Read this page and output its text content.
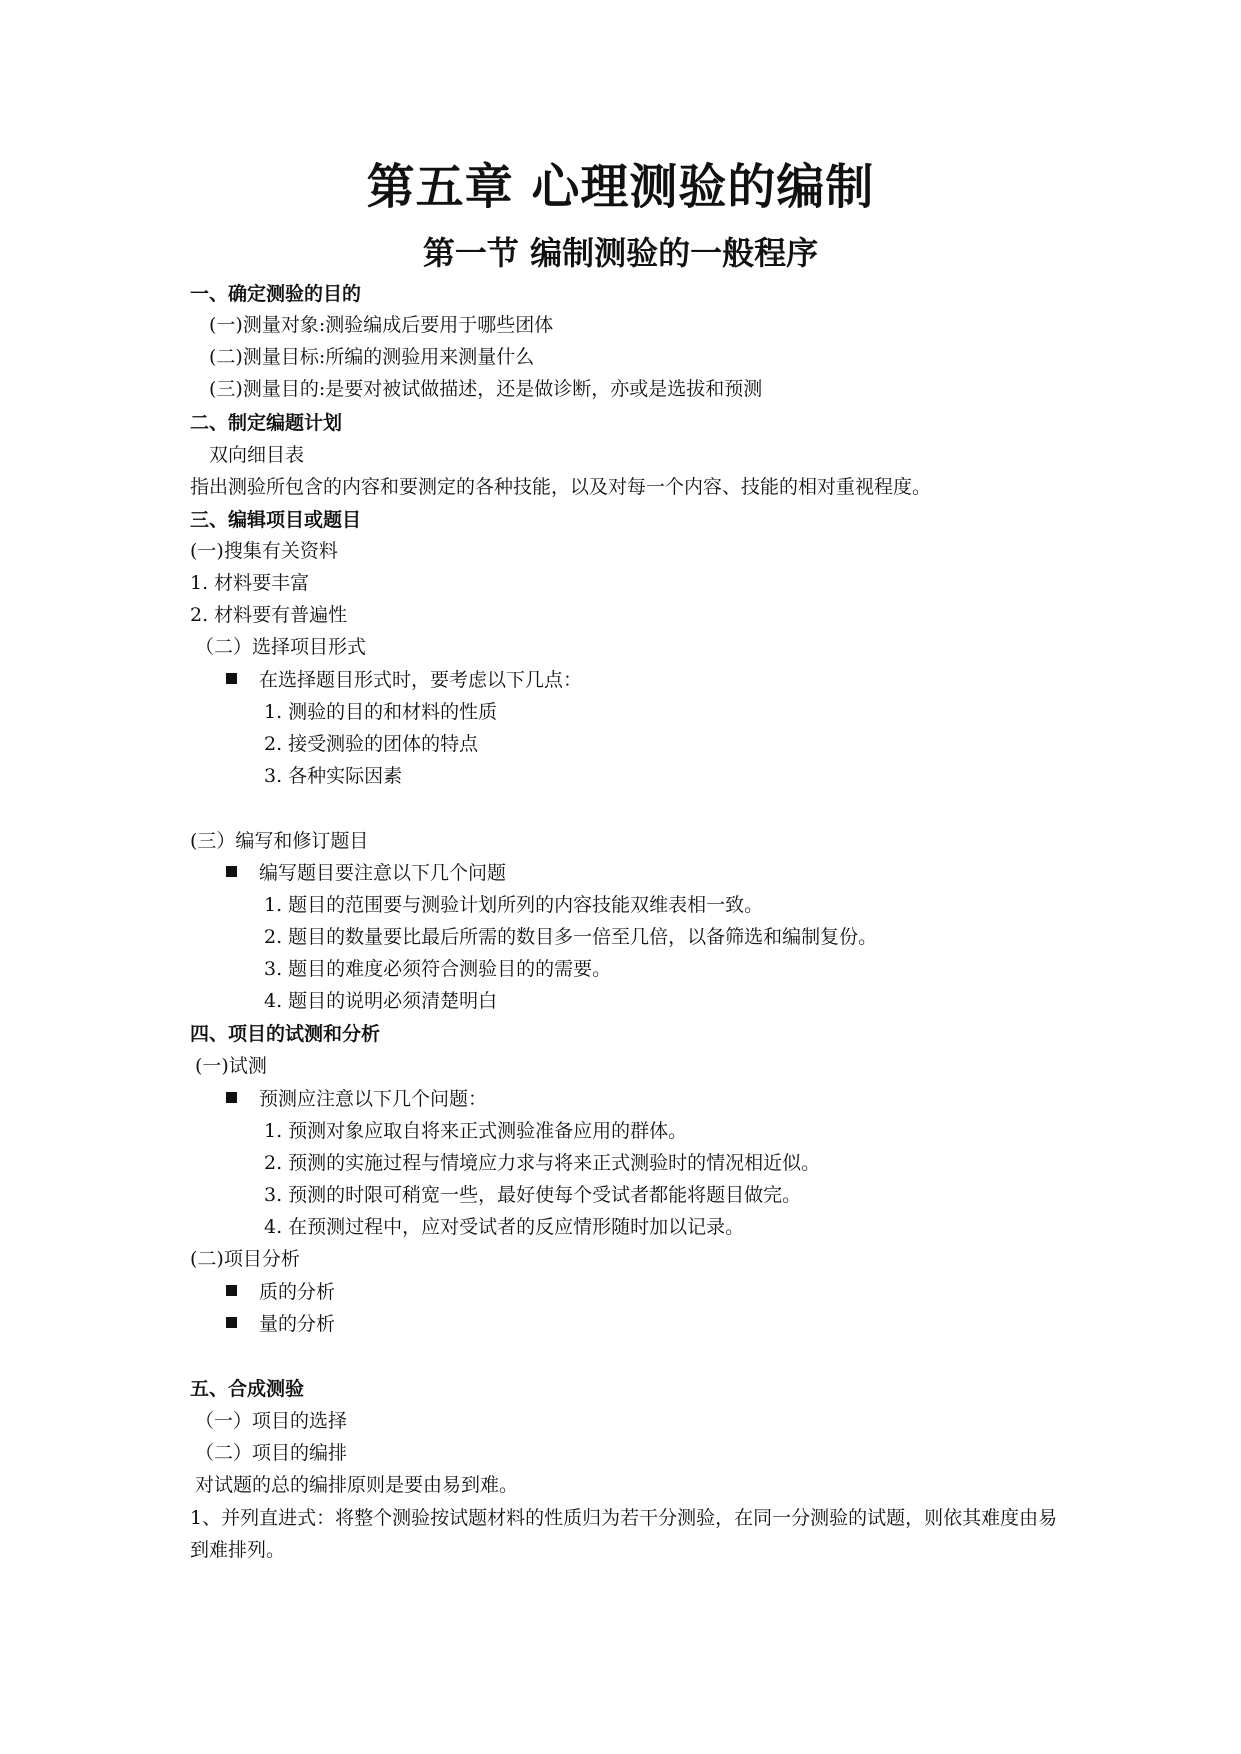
第五章 心理测验的编制
第一节 编制测验的一般程序
一、确定测验的目的
(一)测量对象:测验编成后要用于哪些团体
(二)测量目标:所编的测验用来测量什么
(三)测量目的:是要对被试做描述，还是做诊断，亦或是选拔和预测
二、制定编题计划
双向细目表
指出测验所包含的内容和要测定的各种技能，以及对每一个内容、技能的相对重视程度。
三、编辑项目或题目
(一)搜集有关资料
1. 材料要丰富
2. 材料要有普遍性
（二）选择项目形式
在选择题目形式时，要考虑以下几点：
1. 测验的目的和材料的性质
2. 接受测验的团体的特点
3. 各种实际因素
(三）编写和修订题目
编写题目要注意以下几个问题
1. 题目的范围要与测验计划所列的内容技能双维表相一致。
2. 题目的数量要比最后所需的数目多一倍至几倍，以备筛选和编制复份。
3. 题目的难度必须符合测验目的的需要。
4. 题目的说明必须清楚明白
四、项目的试测和分析
(一)试测
预测应注意以下几个问题：
1. 预测对象应取自将来正式测验准备应用的群体。
2. 预测的实施过程与情境应力求与将来正式测验时的情况相近似。
3. 预测的时限可稍宽一些，最好使每个受试者都能将题目做完。
4. 在预测过程中，应对受试者的反应情形随时加以记录。
(二)项目分析
质的分析
量的分析
五、合成测验
（一）项目的选择
（二）项目的编排
对试题的总的编排原则是要由易到难。
1、并列直进式：将整个测验按试题材料的性质归为若干分测验，在同一分测验的试题，则依其难度由易到难排列。
